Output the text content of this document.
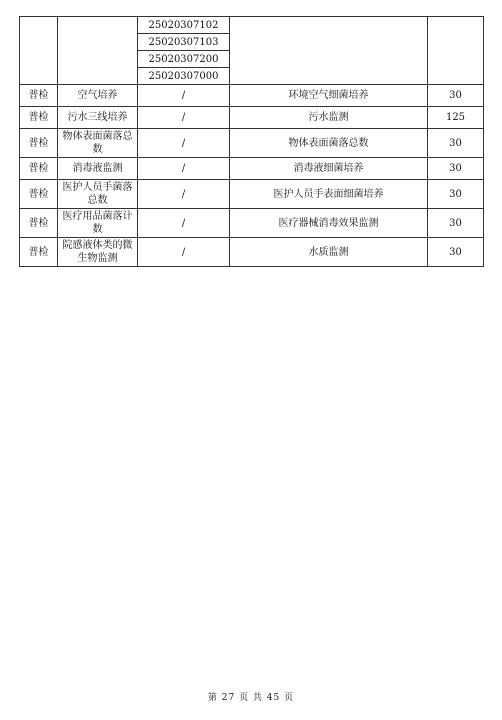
		25020307102		
		25020307103		
		25020307200		
		25020307000		
普检	空气培养	/	环境空气细菌培养	30
普检	污水三线培养	/	污水监测	125
普检	物体表面菌落总数	/	物体表面菌落总数	30
普检	消毒液监测	/	消毒液细菌培养	30
普检	医护人员手菌落总数	/	医护人员手表面细菌培养	30
普检	医疗用品菌落计数	/	医疗器械消毒效果监测	30
普检	院感液体类的微生物监测	/	水质监测	30
第 27 页 共 45 页
